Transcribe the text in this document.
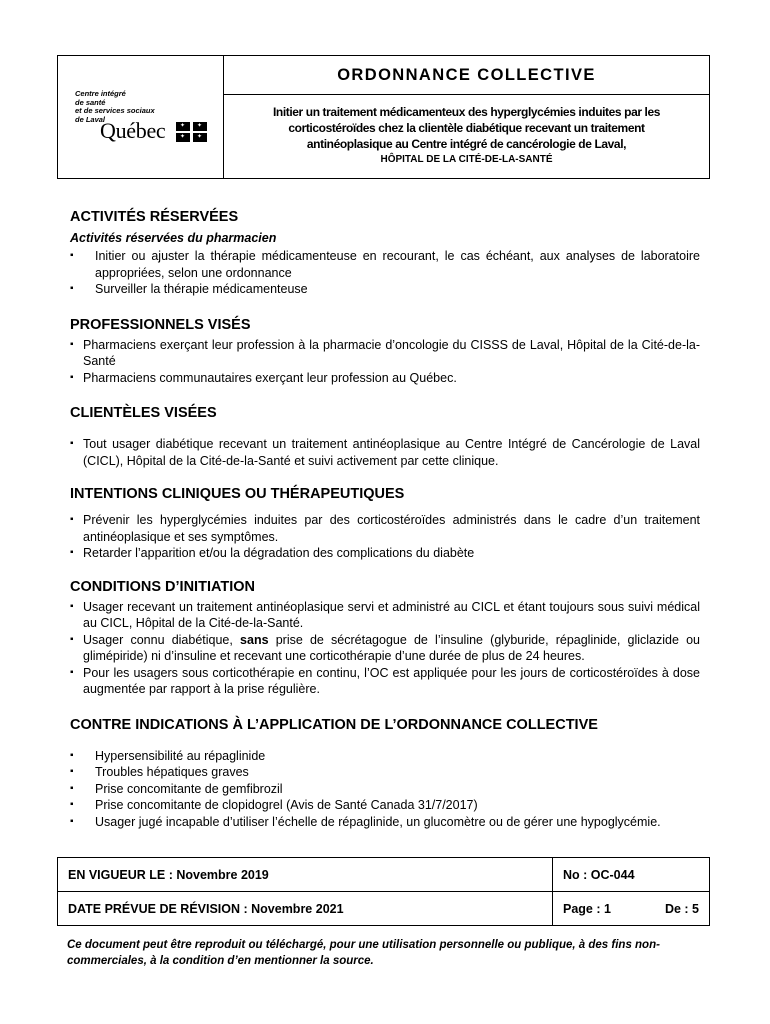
Centre intégré
de santé
et de services sociaux
de Laval
Québec
✦
✦
✦
✦
ORDONNANCE COLLECTIVE
Initier un traitement médicamenteux des hyperglycémies induites par les
corticostéroïdes chez la clientèle diabétique recevant un traitement
antinéoplasique au Centre intégré de cancérologie de Laval,
HÔPITAL DE LA CITÉ-DE-LA-SANTÉ
ACTIVITÉS RÉSERVÉES
Activités réservées du pharmacien
▪ Initier ou ajuster la thérapie médicamenteuse en recourant, le cas échéant, aux analyses de laboratoire appropriées, selon une ordonnance
▪ Surveiller la thérapie médicamenteuse
PROFESSIONNELS VISÉS
▪ Pharmaciens exerçant leur profession à la pharmacie d’oncologie du CISSS de Laval, Hôpital de la Cité-de-la-Santé
▪ Pharmaciens communautaires exerçant leur profession au Québec.
CLIENTÈLES VISÉES
▪ Tout usager diabétique recevant un traitement antinéoplasique au Centre Intégré de Cancérologie de Laval (CICL), Hôpital de la Cité-de-la-Santé et suivi activement par cette clinique.
INTENTIONS CLINIQUES OU THÉRAPEUTIQUES
▪ Prévenir les hyperglycémies induites par des corticostéroïdes administrés dans le cadre d’un traitement antinéoplasique et ses symptômes.
▪ Retarder l’apparition et/ou la dégradation des complications du diabète
CONDITIONS D’INITIATION
▪ Usager recevant un traitement antinéoplasique servi et administré au CICL et étant toujours sous suivi médical au CICL, Hôpital de la Cité-de-la-Santé.
▪ Usager connu diabétique, sans prise de sécrétagogue de l’insuline (glyburide, répaglinide, gliclazide ou glimépiride) ni d’insuline et recevant une corticothérapie d’une durée de plus de 24 heures.
▪ Pour les usagers sous corticothérapie en continu, l’OC est appliquée pour les jours de corticostéroïdes à dose augmentée par rapport à la prise régulière.
CONTRE INDICATIONS À L’APPLICATION DE L’ORDONNANCE COLLECTIVE
▪ Hypersensibilité au répaglinide
▪ Troubles hépatiques graves
▪ Prise concomitante de gemfibrozil
▪ Prise concomitante de clopidogrel (Avis de Santé Canada 31/7/2017)
▪ Usager jugé incapable d’utiliser l’échelle de répaglinide, un glucomètre ou de gérer une hypoglycémie.
EN VIGUEUR LE : Novembre 2019	No : OC-044
DATE PRÉVUE DE RÉVISION : Novembre 2021	Page : 1 De : 5
Ce document peut être reproduit ou téléchargé, pour une utilisation personnelle ou publique, à des fins non-commerciales, à la condition d’en mentionner la source.
